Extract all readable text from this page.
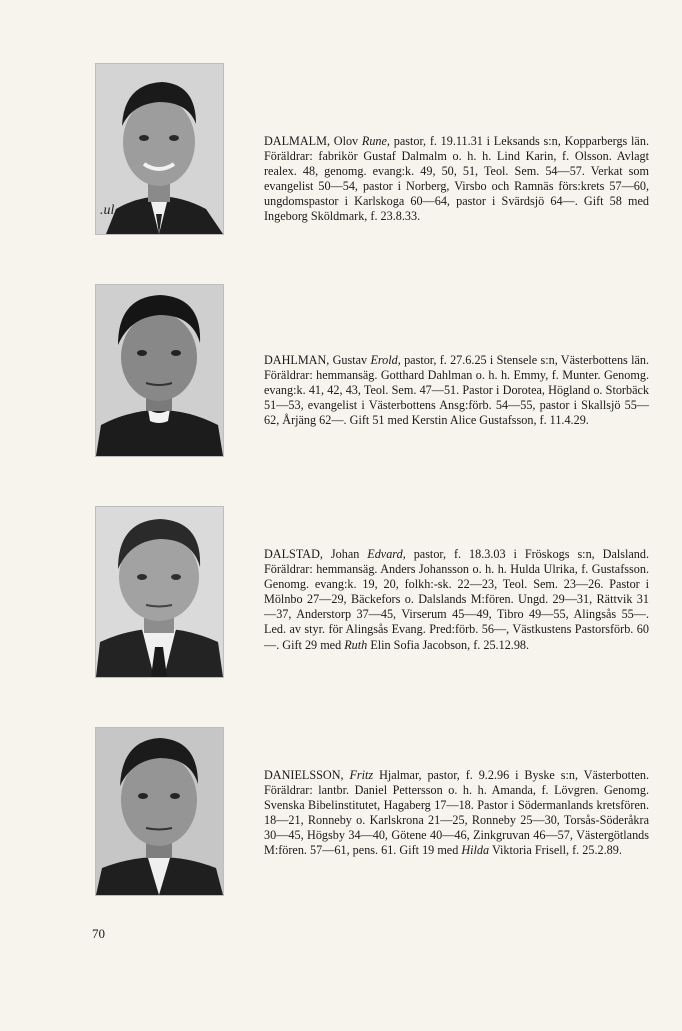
.ul
DALMALM, Olov Rune, pastor, f. 19.11.31 i Leksands s:n, Kopparbergs län. Föräldrar: fabrikör Gustaf Dalmalm o. h. h. Lind Karin, f. Olsson. Avlagt realex. 48, genomg. evang:k. 49, 50, 51, Teol. Sem. 54—57. Verkat som evangelist 50—54, pastor i Norberg, Virsbo och Ramnäs förs:krets 57—60, ungdomspastor i Karlskoga 60—64, pastor i Svärdsjö 64—. Gift 58 med Ingeborg Sköldmark, f. 23.8.33.
DAHLMAN, Gustav Erold, pastor, f. 27.6.25 i Stensele s:n, Västerbottens län. Föräldrar: hemmansäg. Gotthard Dahlman o. h. h. Emmy, f. Munter. Genomg. evang:k. 41, 42, 43, Teol. Sem. 47—51. Pastor i Dorotea, Högland o. Storbäck 51—53, evangelist i Västerbottens Ansg:förb. 54—55, pastor i Skallsjö 55—62, Årjäng 62—. Gift 51 med Kerstin Alice Gustafsson, f. 11.4.29.
DALSTAD, Johan Edvard, pastor, f. 18.3.03 i Fröskogs s:n, Dalsland. Föräldrar: hemmansäg. Anders Johansson o. h. h. Hulda Ulrika, f. Gustafsson. Genomg. evang:k. 19, 20, folkh:-sk. 22—23, Teol. Sem. 23—26. Pastor i Mölnbo 27—29, Bäckefors o. Dalslands M:fören. Ungd. 29—31, Rättvik 31—37, Anderstorp 37—45, Virserum 45—49, Tibro 49—55, Alingsås 55—. Led. av styr. för Alingsås Evang. Pred:förb. 56—, Västkustens Pastorsförb. 60—. Gift 29 med Ruth Elin Sofia Jacobson, f. 25.12.98.
DANIELSSON, Fritz Hjalmar, pastor, f. 9.2.96 i Byske s:n, Västerbotten. Föräldrar: lantbr. Daniel Pettersson o. h. h. Amanda, f. Lövgren. Genomg. Svenska Bibelinstitutet, Hagaberg 17—18. Pastor i Södermanlands kretsfören. 18—21, Ronneby o. Karlskrona 21—25, Ronneby 25—30, Torsås-Söderåkra 30—45, Högsby 34—40, Götene 40—46, Zinkgruvan 46—57, Västergötlands M:fören. 57—61, pens. 61. Gift 19 med Hilda Viktoria Frisell, f. 25.2.89.
70
